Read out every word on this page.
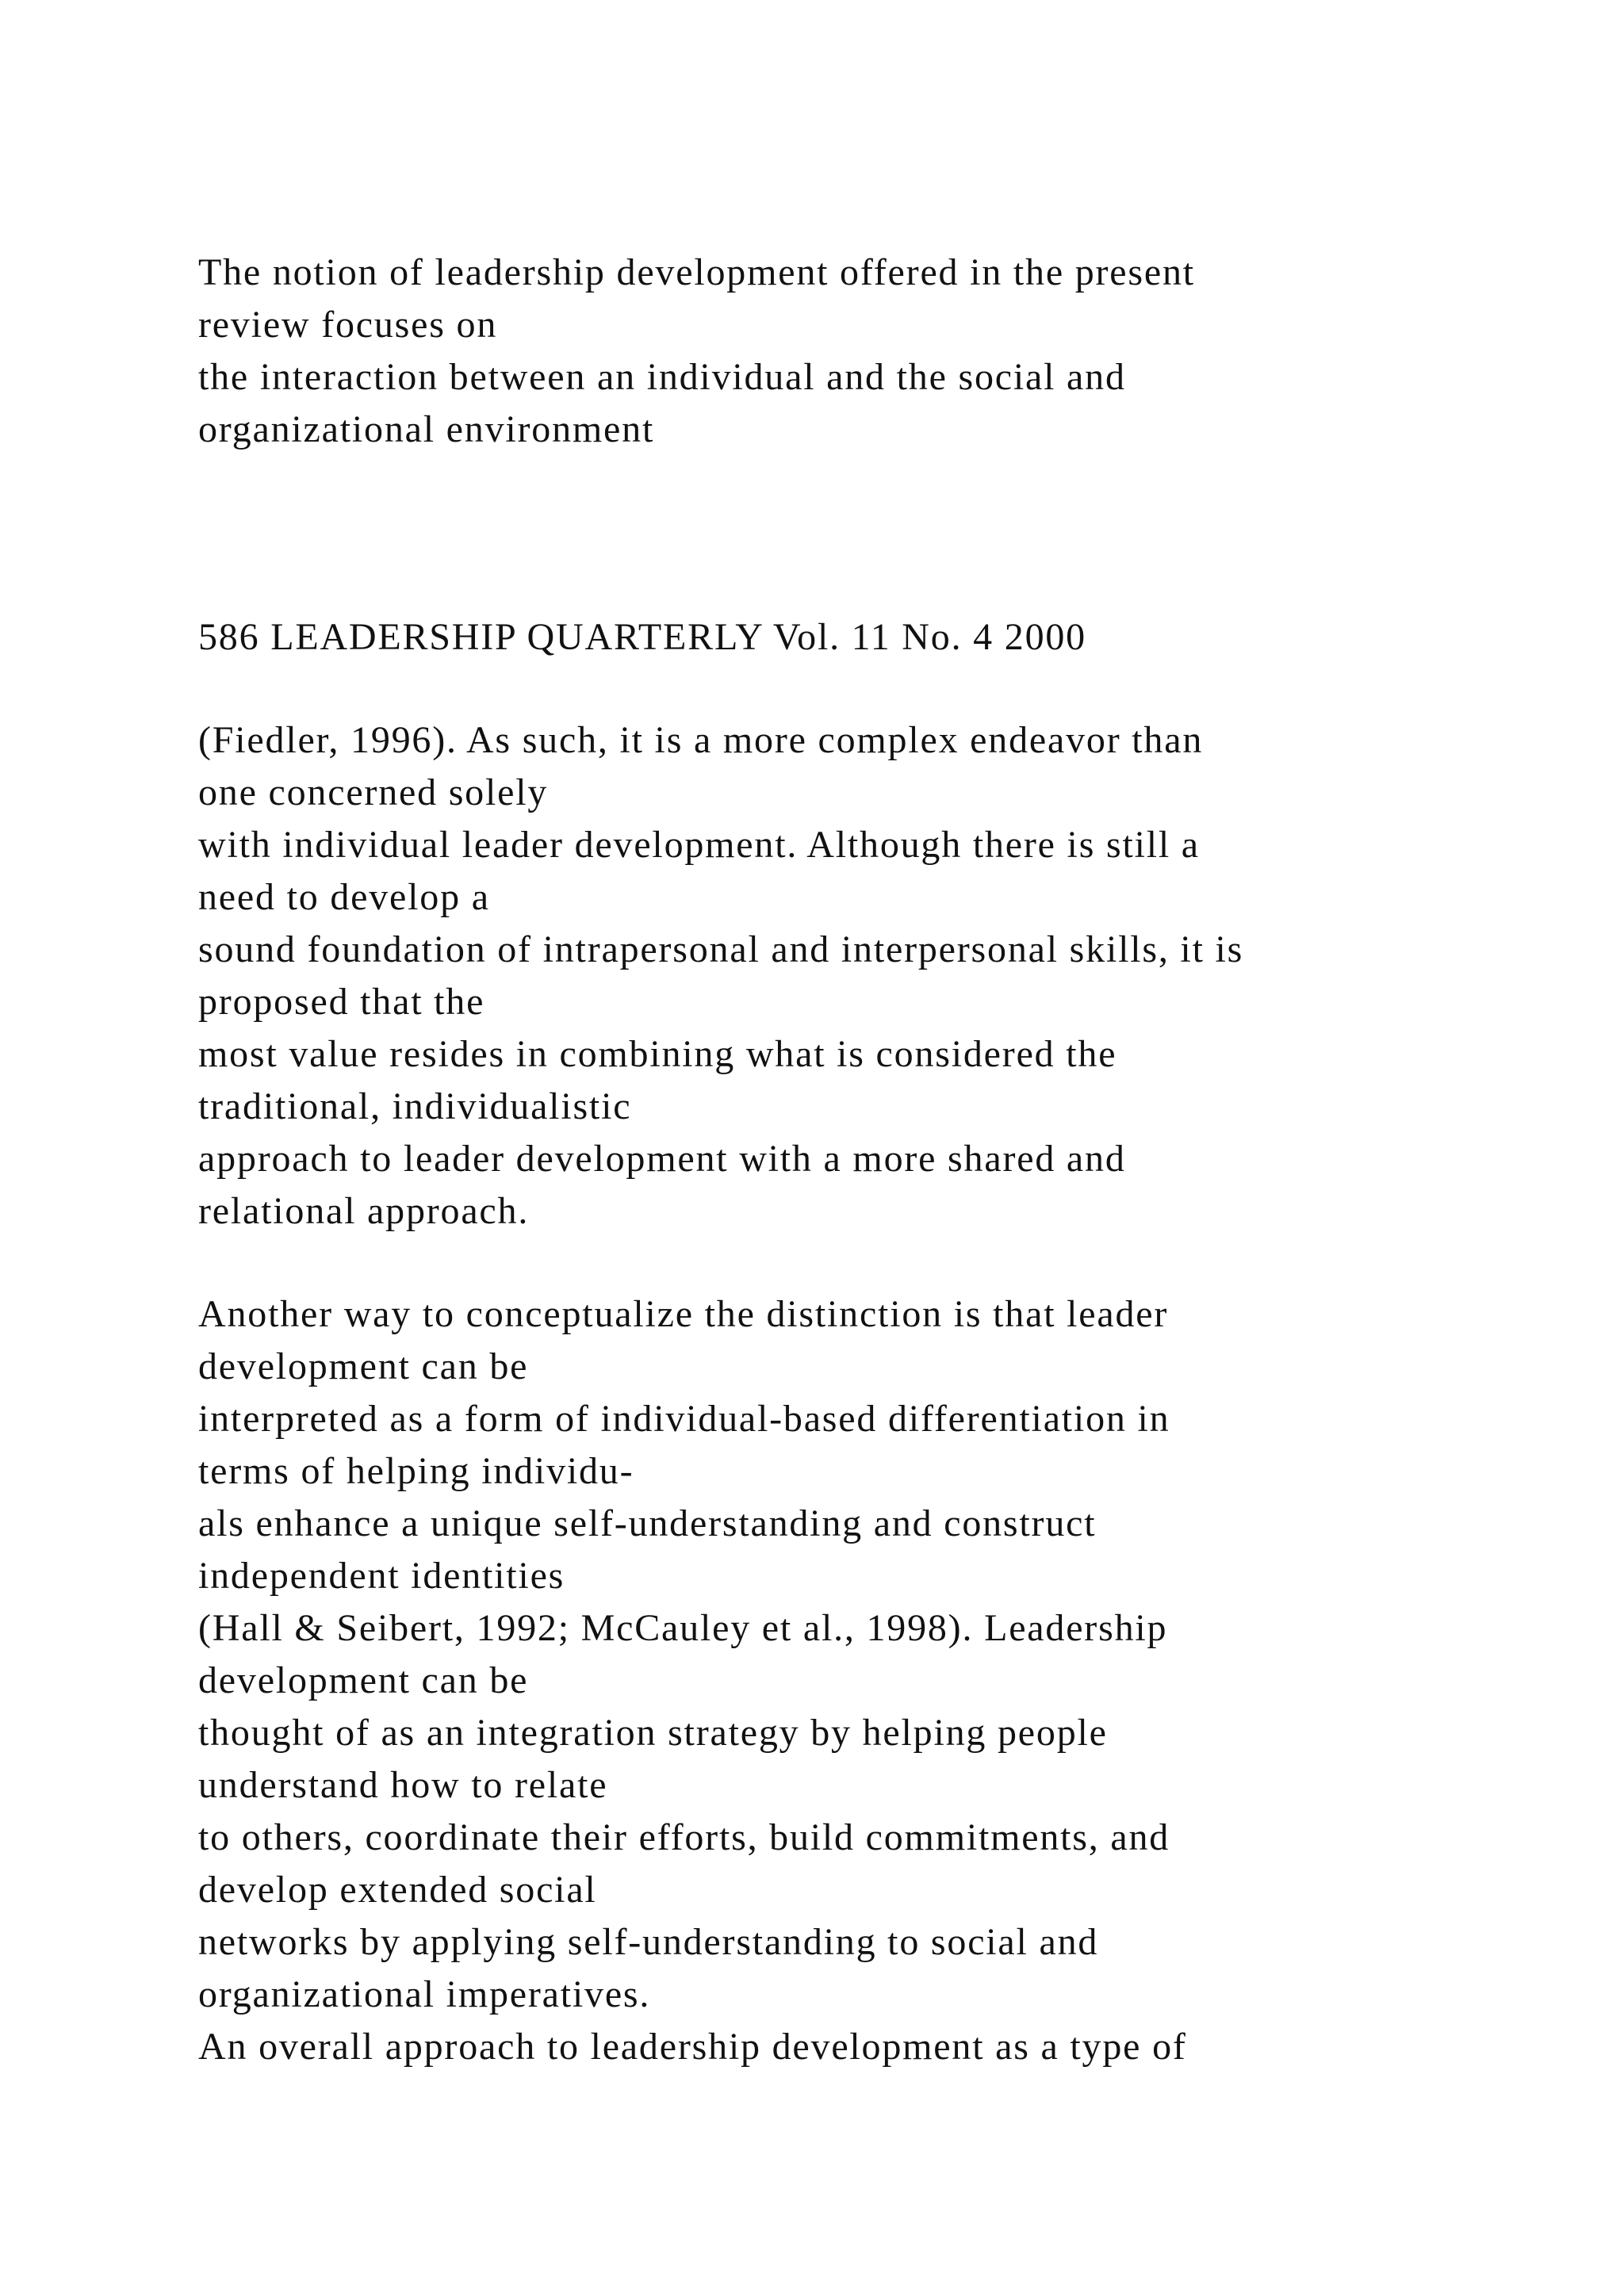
The notion of leadership development offered in the present
review focuses on
the interaction between an individual and the social and
organizational environment
586 LEADERSHIP QUARTERLY Vol. 11 No. 4 2000
(Fiedler, 1996). As such, it is a more complex endeavor than
one concerned solely
with individual leader development. Although there is still a
need to develop a
sound foundation of intrapersonal and interpersonal skills, it is
proposed that the
most value resides in combining what is considered the
traditional, individualistic
approach to leader development with a more shared and
relational approach.
Another way to conceptualize the distinction is that leader
development can be
interpreted as a form of individual-based differentiation in
terms of helping individu-
als enhance a unique self-understanding and construct
independent identities
(Hall & Seibert, 1992; McCauley et al., 1998). Leadership
development can be
thought of as an integration strategy by helping people
understand how to relate
to others, coordinate their efforts, build commitments, and
develop extended social
networks by applying self-understanding to social and
organizational imperatives.
An overall approach to leadership development as a type of
